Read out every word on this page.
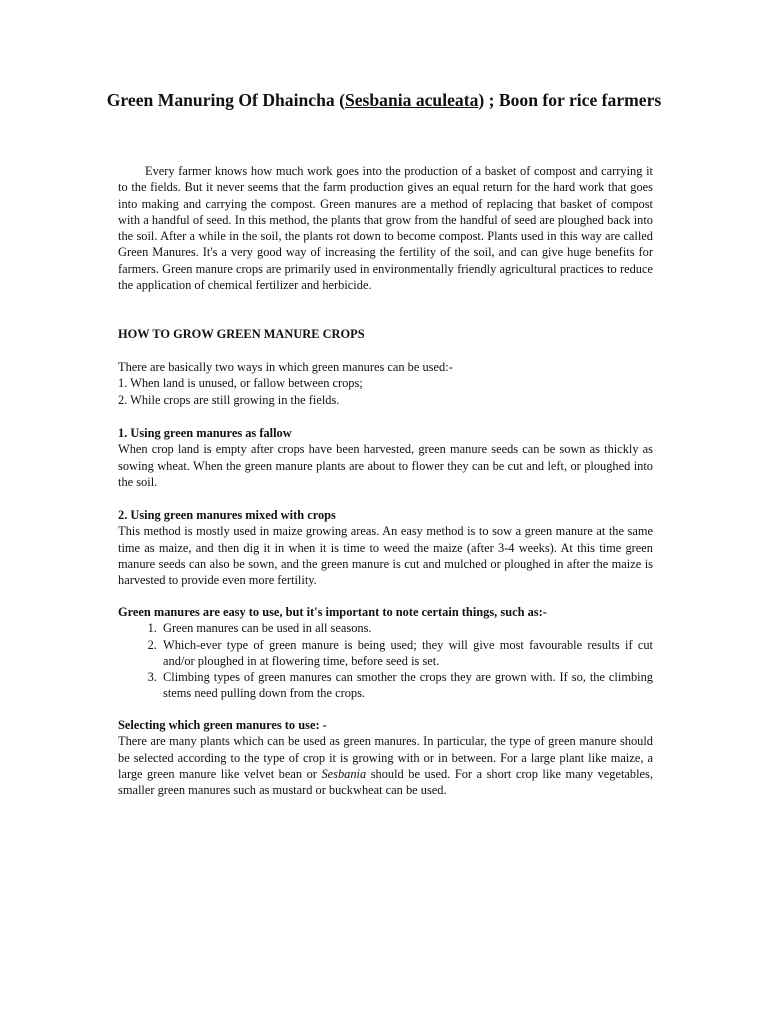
Green Manuring Of Dhaincha (Sesbania aculeata) ; Boon for rice farmers
Every farmer knows how much work goes into the production of a basket of compost and carrying it to the fields. But it never seems that the farm production gives an equal return for the hard work that goes into making and carrying the compost. Green manures are a method of replacing that basket of compost with a handful of seed. In this method, the plants that grow from the handful of seed are ploughed back into the soil. After a while in the soil, the plants rot down to become compost. Plants used in this way are called Green Manures. It's a very good way of increasing the fertility of the soil, and can give huge benefits for farmers. Green manure crops are primarily used in environmentally friendly agricultural practices to reduce the application of chemical fertilizer and herbicide.
HOW TO GROW GREEN MANURE CROPS
There are basically two ways in which green manures can be used:-
1. When land is unused, or fallow between crops;
2. While crops are still growing in the fields.
1. Using green manures as fallow
When crop land is empty after crops have been harvested, green manure seeds can be sown as thickly as sowing wheat. When the green manure plants are about to flower they can be cut and left, or ploughed into the soil.
2. Using green manures mixed with crops
This method is mostly used in maize growing areas. An easy method is to sow a green manure at the same time as maize, and then dig it in when it is time to weed the maize (after 3-4 weeks). At this time green manure seeds can also be sown, and the green manure is cut and mulched or ploughed in after the maize is harvested to provide even more fertility.
Green manures are easy to use, but it's important to note certain things, such as:-
1. Green manures can be used in all seasons.
2. Which-ever type of green manure is being used; they will give most favourable results if cut and/or ploughed in at flowering time, before seed is set.
3. Climbing types of green manures can smother the crops they are grown with. If so, the climbing stems need pulling down from the crops.
Selecting which green manures to use: -
There are many plants which can be used as green manures. In particular, the type of green manure should be selected according to the type of crop it is growing with or in between. For a large plant like maize, a large green manure like velvet bean or Sesbania should be used. For a short crop like many vegetables, smaller green manures such as mustard or buckwheat can be used.
